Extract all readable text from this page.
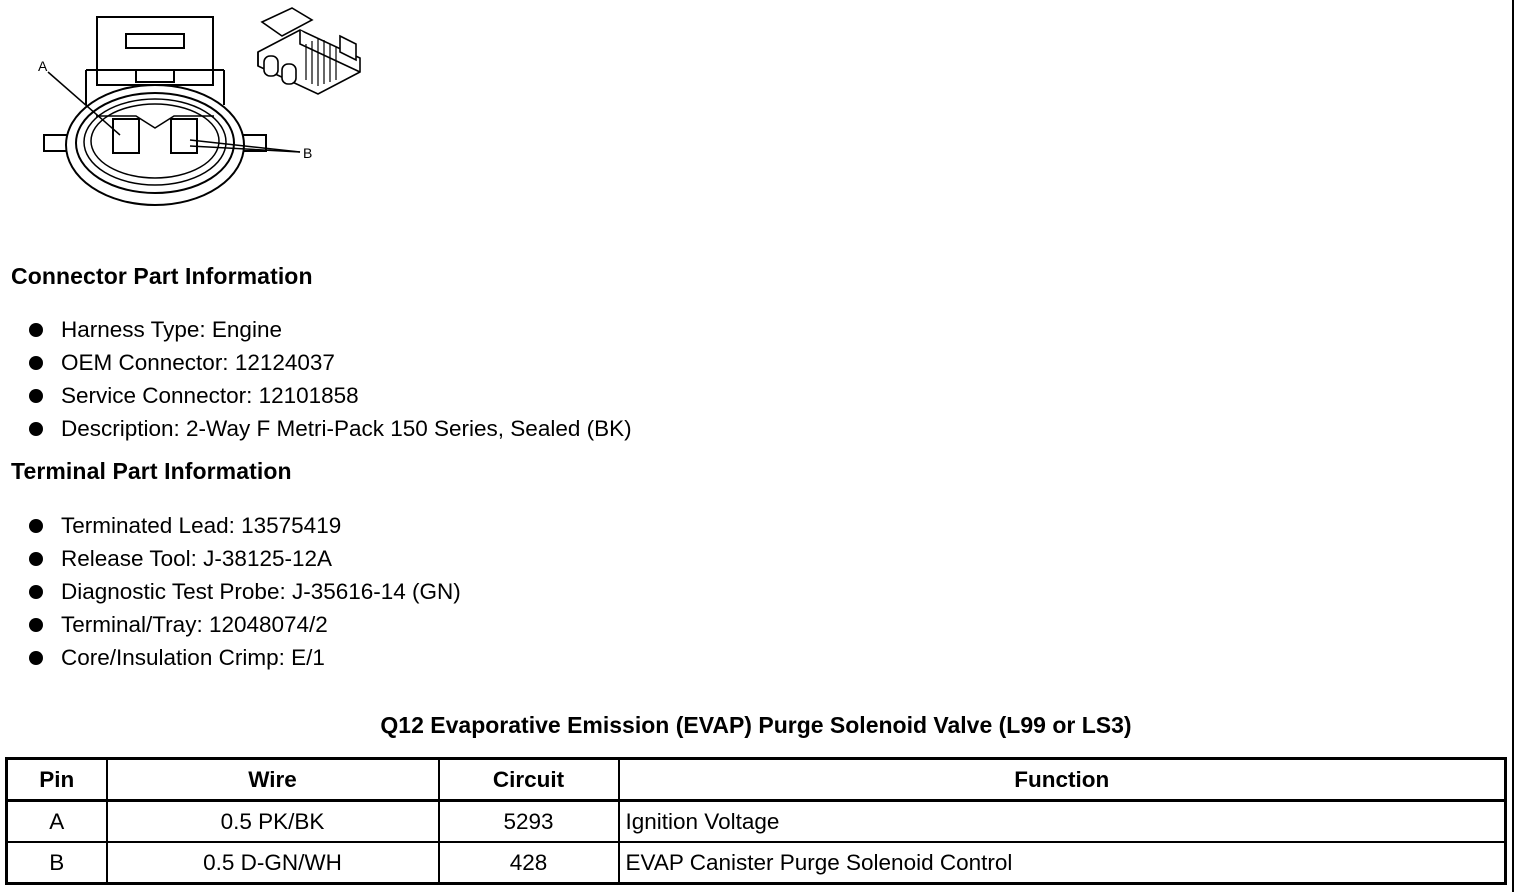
A
B
Connector Part Information
Harness Type: Engine
OEM Connector: 12124037
Service Connector: 12101858
Description: 2-Way F Metri-Pack 150 Series, Sealed (BK)
Terminal Part Information
Terminated Lead: 13575419
Release Tool: J-38125-12A
Diagnostic Test Probe: J-35616-14 (GN)
Terminal/Tray: 12048074/2
Core/Insulation Crimp: E/1
Q12 Evaporative Emission (EVAP) Purge Solenoid Valve (L99 or LS3)
Pin	Wire	Circuit	Function
A	0.5 PK/BK	5293	Ignition Voltage
B	0.5 D-GN/WH	428	EVAP Canister Purge Solenoid Control
